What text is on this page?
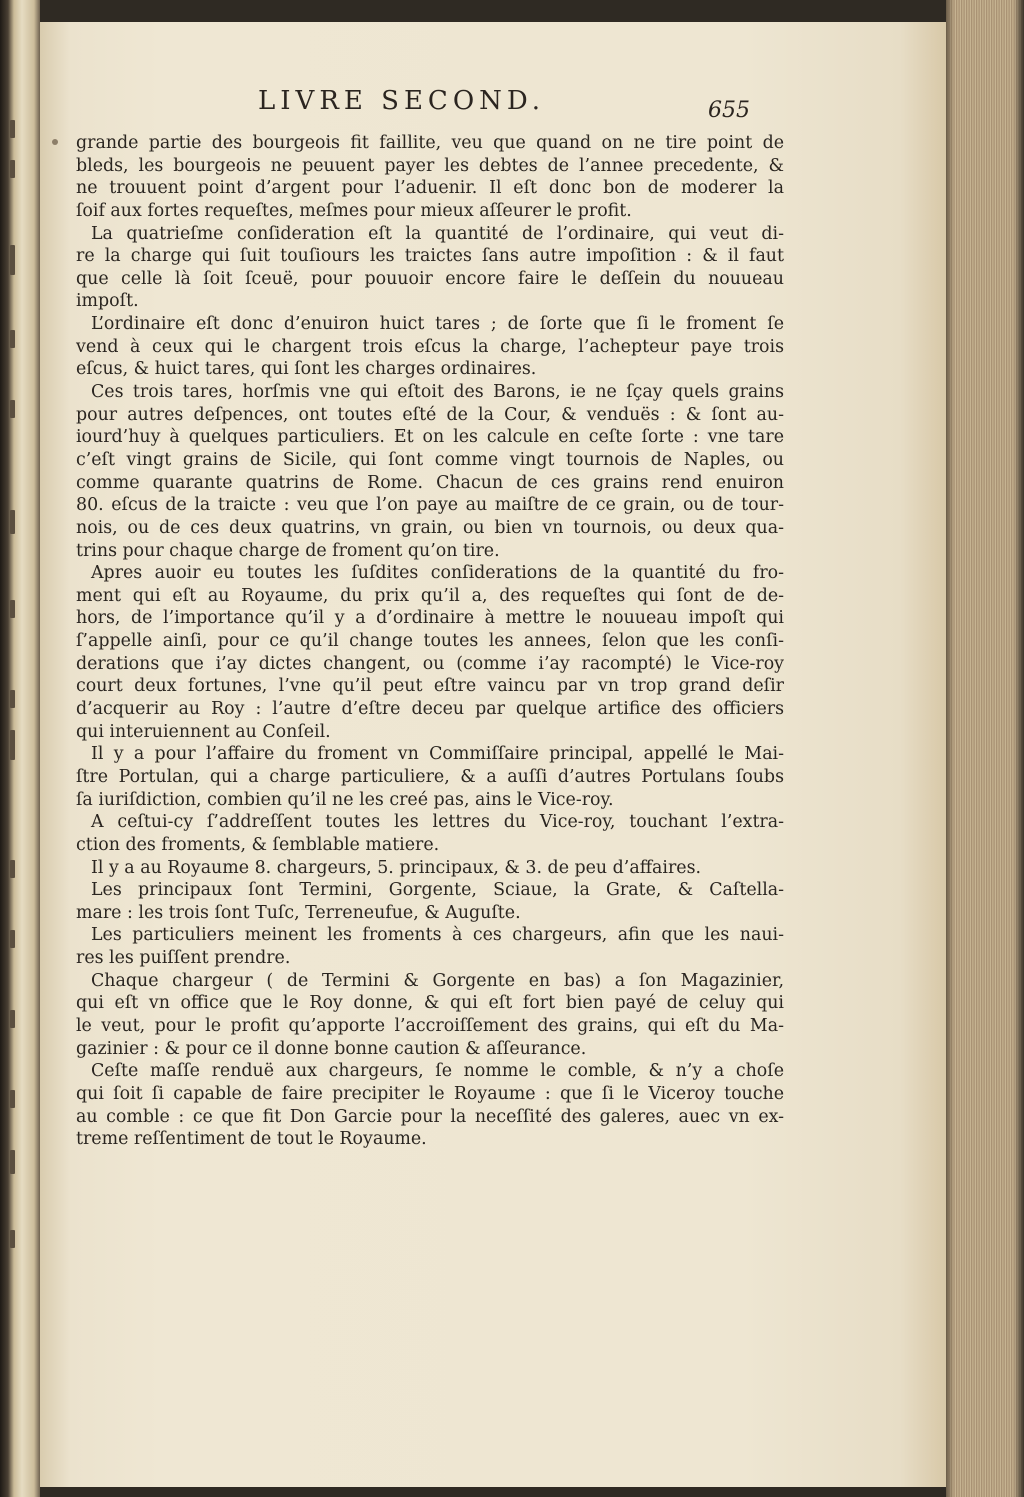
LIVRE SECOND.	655
grande partie des bourgeois fit faillite, veu que quand on ne tire point de
bleds, les bourgeois ne peuuent payer les debtes de l’annee precedente, &
ne trouuent point d’argent pour l’aduenir. Il eſt donc bon de moderer la
ſoif aux fortes requeſtes, meſmes pour mieux aſſeurer le profit.
La quatrieſme conſideration eſt la quantité de l’ordinaire, qui veut di-
re la charge qui ſuit touſiours les traictes ſans autre impoſition : & il faut
que celle là ſoit ſceuë, pour pouuoir encore faire le deſſein du nouueau
impoſt.
L’ordinaire eſt donc d’enuiron huict tares ; de ſorte que ſi le froment ſe
vend à ceux qui le chargent trois eſcus la charge, l’achepteur paye trois
eſcus, & huict tares, qui ſont les charges ordinaires.
Ces trois tares, horſmis vne qui eſtoit des Barons, ie ne ſçay quels grains
pour autres deſpences, ont toutes eſté de la Cour, & venduës : & ſont au-
iourd’huy à quelques particuliers. Et on les calcule en ceſte ſorte : vne tare
c’eſt vingt grains de Sicile, qui ſont comme vingt tournois de Naples, ou
comme quarante quatrins de Rome. Chacun de ces grains rend enuiron
80. eſcus de la traicte : veu que l’on paye au maiſtre de ce grain, ou de tour-
nois, ou de ces deux quatrins, vn grain, ou bien vn tournois, ou deux qua-
trins pour chaque charge de froment qu’on tire.
Apres auoir eu toutes les ſuſdites conſiderations de la quantité du fro-
ment qui eſt au Royaume, du prix qu’il a, des requeſtes qui ſont de de-
hors, de l’importance qu’il y a d’ordinaire à mettre le nouueau impoſt qui
ſ’appelle ainſi, pour ce qu’il change toutes les annees, ſelon que les conſi-
derations que i’ay dictes changent, ou (comme i’ay racompté) le Vice-roy
court deux fortunes, l’vne qu’il peut eſtre vaincu par vn trop grand deſir
d’acquerir au Roy : l’autre d’eſtre deceu par quelque artifice des officiers
qui interuiennent au Conſeil.
Il y a pour l’affaire du froment vn Commiſſaire principal, appellé le Mai-
ſtre Portulan, qui a charge particuliere, & a auſſi d’autres Portulans ſoubs
ſa iuriſdiction, combien qu’il ne les creé pas, ains le Vice-roy.
A ceſtui-cy ſ’addreſſent toutes les lettres du Vice-roy, touchant l’extra-
ction des froments, & ſemblable matiere.
Il y a au Royaume 8. chargeurs, 5. principaux, & 3. de peu d’affaires.
Les principaux ſont Termini, Gorgente, Sciaue, la Grate, & Caſtella-
mare : les trois ſont Tuſc, Terreneufue, & Auguſte.
Les particuliers meinent les froments à ces chargeurs, afin que les naui-
res les puiſſent prendre.
Chaque chargeur ( de Termini & Gorgente en bas) a ſon Magazinier,
qui eſt vn office que le Roy donne, & qui eſt fort bien payé de celuy qui
le veut, pour le profit qu’apporte l’accroiſſement des grains, qui eſt du Ma-
gazinier : & pour ce il donne bonne caution & aſſeurance.
Ceſte maſſe renduë aux chargeurs, ſe nomme le comble, & n’y a choſe
qui ſoit ſi capable de faire precipiter le Royaume : que ſi le Viceroy touche
au comble : ce que fit Don Garcie pour la neceſſité des galeres, auec vn ex-
treme reſſentiment de tout le Royaume.
